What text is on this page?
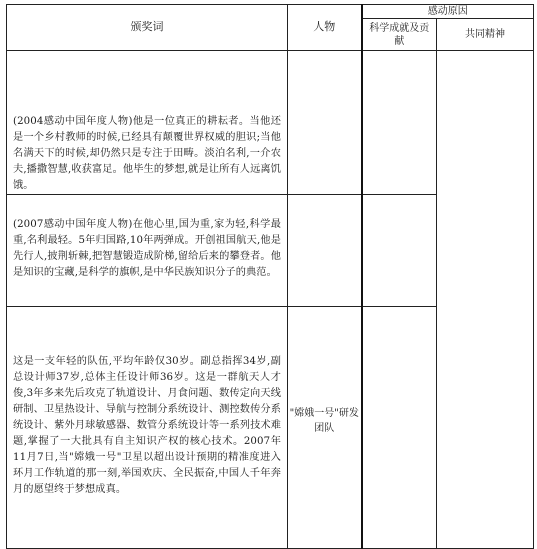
颁奖词	人物	感动原因	
		科学成就及贡献	共同精神
(2004感动中国年度人物)他是一位真正的耕耘者。当他还是一个乡村教师的时候,已经具有颠覆世界权威的胆识;当他名满天下的时候,却仍然只是专注于田畴。淡泊名利,一介农夫,播撒智慧,收获富足。他毕生的梦想,就是让所有人远离饥饿。			
(2007感动中国年度人物)在他心里,国为重,家为轻,科学最重,名利最轻。5年归国路,10年两弹成。开创祖国航天,他是先行人,披荆斩棘,把智慧锻造成阶梯,留给后来的攀登者。他是知识的宝藏,是科学的旗帜,是中华民族知识分子的典范。			
这是一支年轻的队伍,平均年龄仅30岁。副总指挥34岁,副总设计师37岁,总体主任设计师36岁。这是一群航天人才俊,3年多来先后攻克了轨道设计、月食问题、数传定向天线研制、卫星热设计、导航与控制分系统设计、测控数传分系统设计、紫外月球敏感器、数管分系统设计等一系列技术难题,掌握了一大批具有自主知识产权的核心技术。2007年11月7日,当"嫦娥一号"卫星以超出设计预期的精准度进入环月工作轨道的那一刻,举国欢庆、全民振奋,中国人千年奔月的愿望终于梦想成真。	"嫦娥一号"研发团队		
